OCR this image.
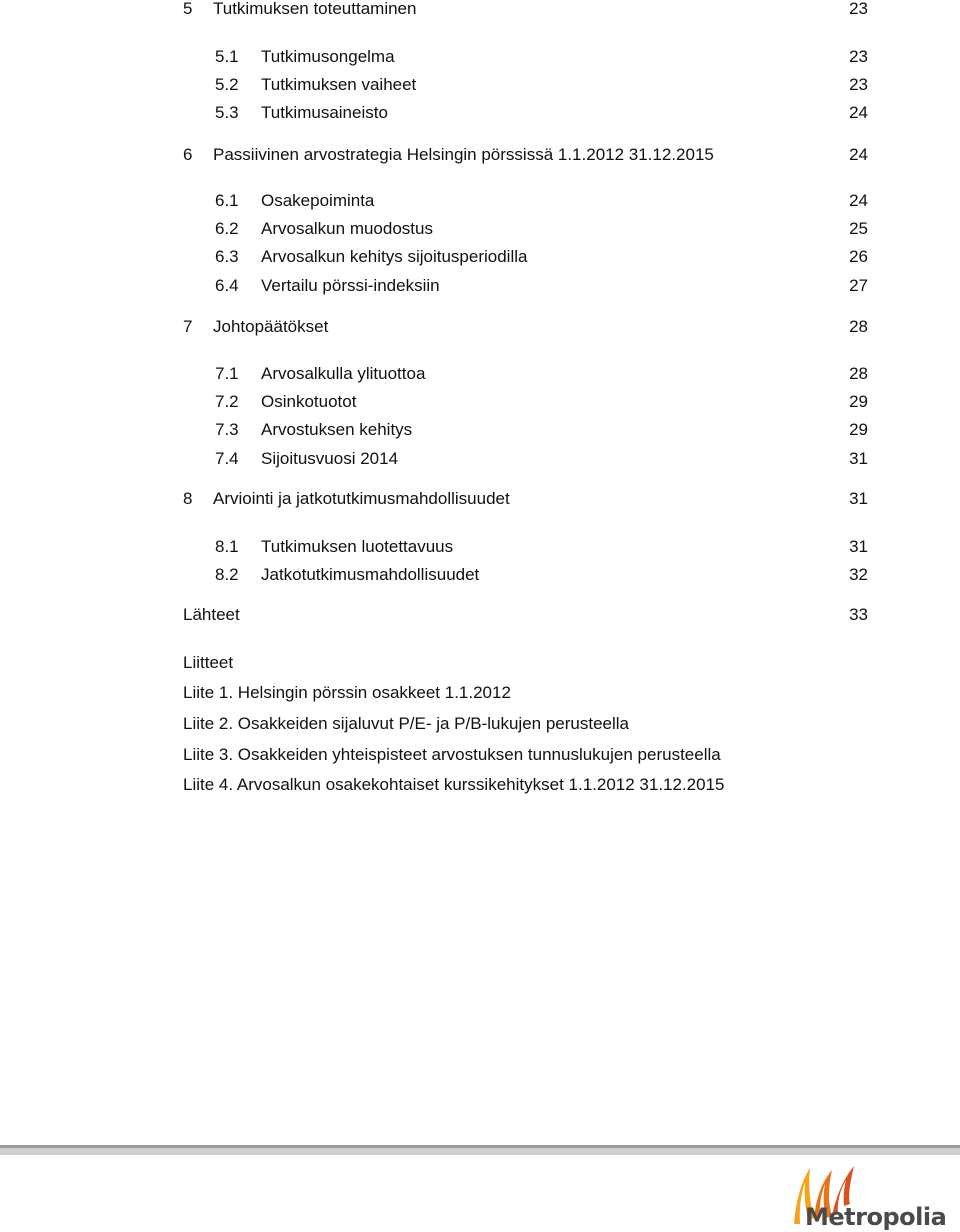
5 Tutkimuksen toteuttaminen	23
5.1 Tutkimusongelma	23
5.2 Tutkimuksen vaiheet	23
5.3 Tutkimusaineisto	24
6 Passiivinen arvostrategia Helsingin pörssissä 1.1.2012 31.12.2015	24
6.1 Osakepoiminta	24
6.2 Arvosalkun muodostus	25
6.3 Arvosalkun kehitys sijoitusperiodilla	26
6.4 Vertailu pörssi-indeksiin	27
7 Johtopäätökset	28
7.1 Arvosalkulla ylituottoa	28
7.2 Osinkotuotot	29
7.3 Arvostuksen kehitys	29
7.4 Sijoitusvuosi 2014	31
8 Arviointi ja jatkotutkimusmahdollisuudet	31
8.1 Tutkimuksen luotettavuus	31
8.2 Jatkotutkimusmahdollisuudet	32
Lähteet	33
Liitteet
Liite 1. Helsingin pörssin osakkeet 1.1.2012
Liite 2. Osakkeiden sijaluvut P/E- ja P/B-lukujen perusteella
Liite 3. Osakkeiden yhteispisteet arvostuksen tunnuslukujen perusteella
Liite 4. Arvosalkun osakekohtaiset kurssikehitykset 1.1.2012 31.12.2015
Metropolia
